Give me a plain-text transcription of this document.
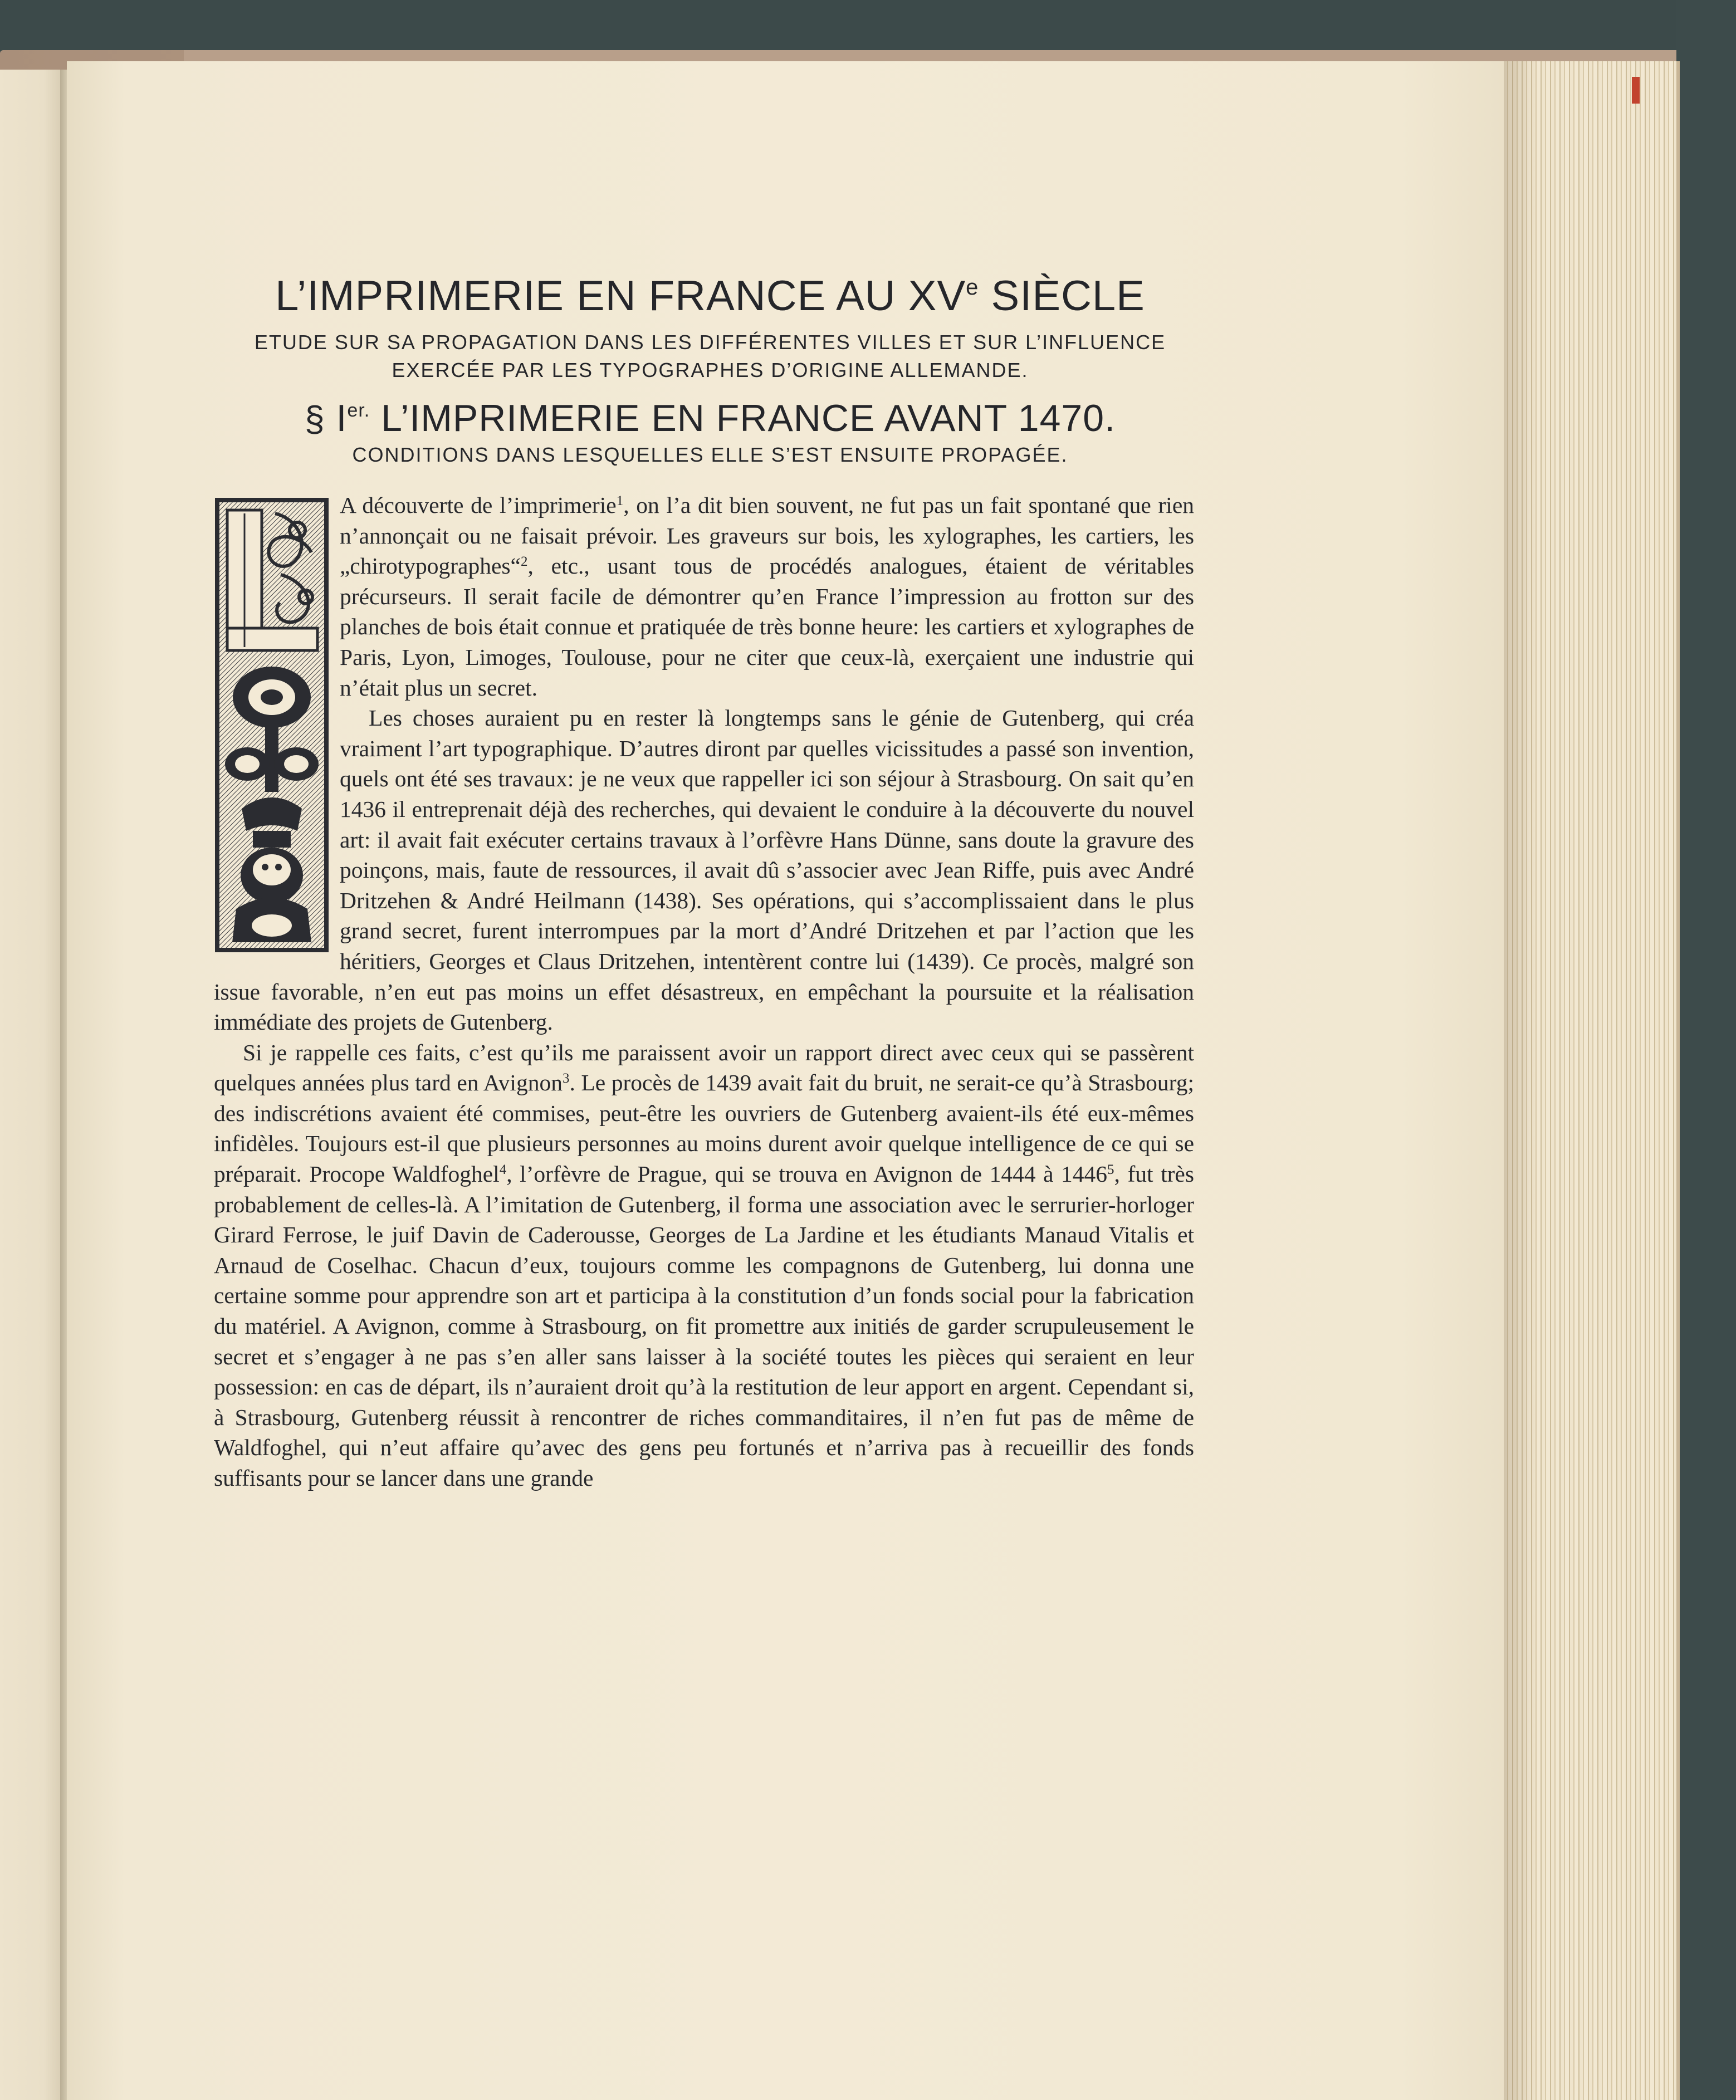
L’IMPRIMERIE EN FRANCE AU XVe SIÈCLE
ETUDE SUR SA PROPAGATION DANS LES DIFFÉRENTES VILLES ET SUR L’INFLUENCE
EXERCÉE PAR LES TYPOGRAPHES D’ORIGINE ALLEMANDE.
§ $I^{er.}$ L’IMPRIMERIE EN FRANCE AVANT 1470.
CONDITIONS DANS LESQUELLES ELLE S’EST ENSUITE PROPAGÉE.

A découverte de l’imprimerie$^1$, on l’a dit bien souvent, ne fut pas un fait spontané que rien n’annonçait ou ne faisait prévoir. Les graveurs sur bois, les xylographes, les cartiers, les „chirotypographes“$^2$, etc., usant tous de procédés analogues, étaient de véritables précurseurs. Il serait facile de démontrer qu’en France l’impression au frotton sur des planches de bois était connue et pratiquée de très bonne heure: les cartiers et xylographes de Paris, Lyon, Limoges, Toulouse, pour ne citer que ceux-là, exerçaient une industrie qui n’était plus un secret.

Les choses auraient pu en rester là longtemps sans le génie de Gutenberg, qui créa vraiment l’art typographique. D’autres diront par quelles vicissitudes a passé son invention, quels ont été ses travaux: je ne veux que rappeller ici son séjour à Strasbourg. On sait qu’en 1436 il entreprenait déjà des recherches, qui devaient le conduire à la découverte du nouvel art: il avait fait exécuter certains travaux à l’orfèvre Hans Dünne, sans doute la gravure des poinçons, mais, faute de ressources, il avait dû s’associer avec Jean Riffe, puis avec André Dritzehen & André Heilmann (1438). Ses opérations, qui s’accomplissaient dans le plus grand secret, furent interrompues par la mort d’André Dritzehen et par l’action que les héritiers, Georges et Claus Dritzehen, intentèrent contre lui (1439). Ce procès, malgré son issue favorable, n’en eut pas moins un effet désastreux, en empêchant la poursuite et la réalisation immédiate des projets de Gutenberg.

Si je rappelle ces faits, c’est qu’ils me paraissent avoir un rapport direct avec ceux qui se passèrent quelques années plus tard en Avignon$^3$. Le procès de 1439 avait fait du bruit, ne serait-ce qu’à Strasbourg; des indiscrétions avaient été commises, peut-être les ouvriers de Gutenberg avaient-ils été eux-mêmes infidèles. Toujours est-il que plusieurs personnes au moins durent avoir quelque intelligence de ce qui se préparait. Procope Waldfoghel$^4$, l’orfèvre de Prague, qui se trouva en Avignon de 1444 à 1446$^5$, fut très probablement de celles-là. A l’imitation de Gutenberg, il forma une association avec le serrurier-horloger Girard Ferrose, le juif Davin de Caderousse, Georges de La Jardine et les étudiants Manaud Vitalis et Arnaud de Coselhac. Chacun d’eux, toujours comme les compagnons de Gutenberg, lui donna une certaine somme pour apprendre son art et participa à la constitution d’un fonds social pour la fabrication du matériel. A Avignon, comme à Strasbourg, on fit promettre aux initiés de garder scrupuleusement le secret et s’engager à ne pas s’en aller sans laisser à la société toutes les pièces qui seraient en leur possession: en cas de départ, ils n’auraient droit qu’à la restitution de leur apport en argent. Cependant si, à Strasbourg, Gutenberg réussit à rencontrer de riches commanditaires, il n’en fut pas de même de Waldfoghel, qui n’eut affaire qu’avec des gens peu fortunés et n’arriva pas à recueillir des fonds suffisants pour se lancer dans une grande
